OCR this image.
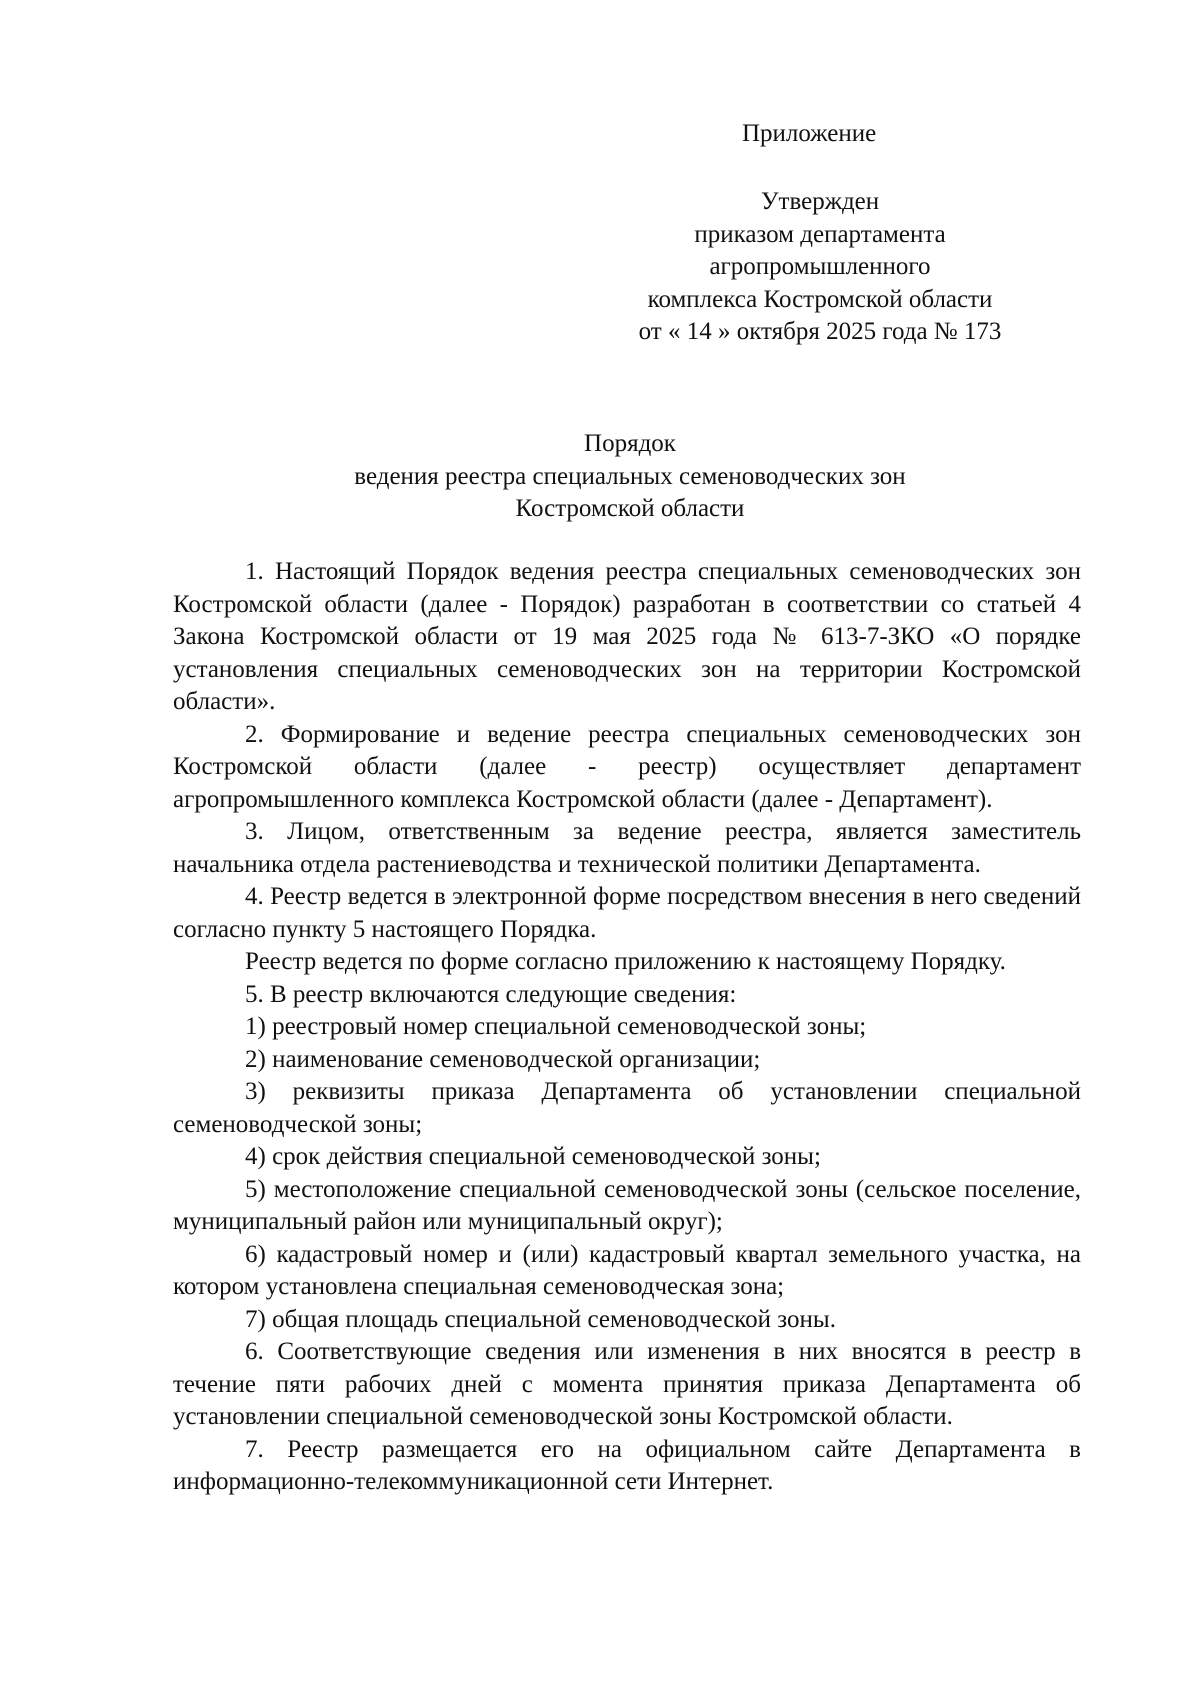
Приложение
Утвержден
приказом департамента
агропромышленного
комплекса Костромской области
от « 14 » октября 2025 года № 173
Порядок
ведения реестра специальных семеноводческих зон
Костромской области

1. Настоящий Порядок ведения реестра специальных семеноводческих зон Костромской области (далее - Порядок) разработан в соответствии со статьей 4 Закона Костромской области от 19 мая 2025 года № 613-7-ЗКО «О порядке установления специальных семеноводческих зон на территории Костромской области».

2. Формирование и ведение реестра специальных семеноводческих зон Костромской области (далее - реестр) осуществляет департамент агропромышленного комплекса Костромской области (далее - Департамент).

3. Лицом, ответственным за ведение реестра, является заместитель начальника отдела растениеводства и технической политики Департамента.

4. Реестр ведется в электронной форме посредством внесения в него сведений согласно пункту 5 настоящего Порядка.

Реестр ведется по форме согласно приложению к настоящему Порядку.

5. В реестр включаются следующие сведения:

1) реестровый номер специальной семеноводческой зоны;

2) наименование семеноводческой организации;

3) реквизиты приказа Департамента об установлении специальной семеноводческой зоны;

4) срок действия специальной семеноводческой зоны;

5) местоположение специальной семеноводческой зоны (сельское поселение, муниципальный район или муниципальный округ);

6) кадастровый номер и (или) кадастровый квартал земельного участка, на котором установлена специальная семеноводческая зона;

7) общая площадь специальной семеноводческой зоны.

6. Соответствующие сведения или изменения в них вносятся в реестр в течение пяти рабочих дней с момента принятия приказа Департамента об установлении специальной семеноводческой зоны Костромской области.

7. Реестр размещается его на официальном сайте Департамента в информационно-телекоммуникационной сети Интернет.
